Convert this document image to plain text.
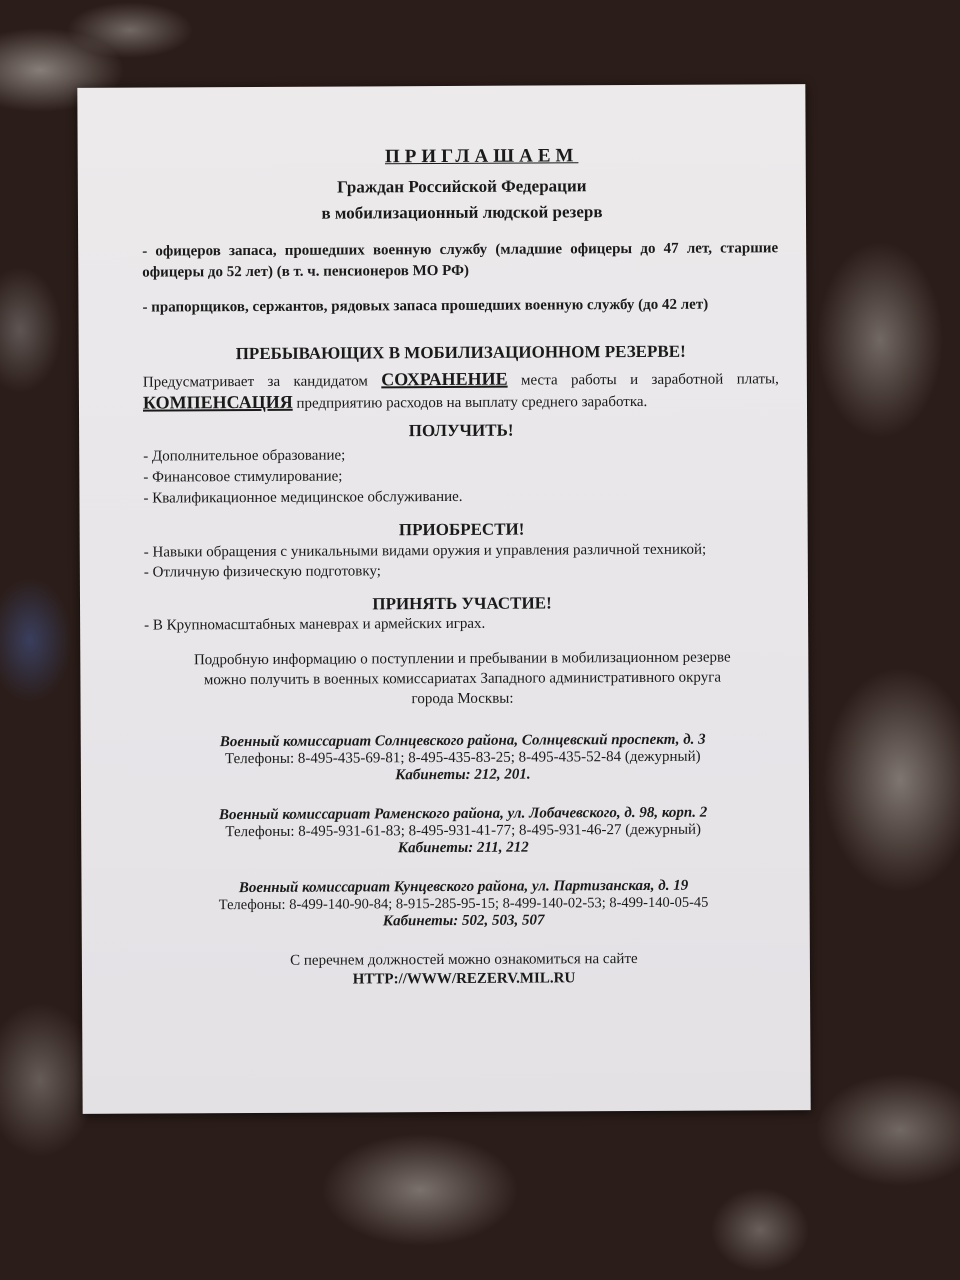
ПРИГЛАШАЕМ
Граждан Российской Федерации
в мобилизационный людской резерв
- офицеров запаса, прошедших военную службу (младшие офицеры до 47 лет, старшие офицеры до 52 лет) (в т. ч. пенсионеров МО РФ)
- прапорщиков, сержантов, рядовых запаса прошедших военную службу (до 42 лет)
ПРЕБЫВАЮЩИХ В МОБИЛИЗАЦИОННОМ РЕЗЕРВЕ!
Предусматривает за кандидатом СОХРАНЕНИЕ места работы и заработной платы, КОМПЕНСАЦИЯ предприятию расходов на выплату среднего заработка.
ПОЛУЧИТЬ!
- Дополнительное образование;
- Финансовое стимулирование;
- Квалификационное медицинское обслуживание.
ПРИОБРЕСТИ!
- Навыки обращения с уникальными видами оружия и управления различной техникой;
- Отличную физическую подготовку;
ПРИНЯТЬ УЧАСТИЕ!
- В Крупномасштабных маневрах и армейских играх.
Подробную информацию о поступлении и пребывании в мобилизационном резерве
можно получить в военных комиссариатах Западного административного округа
города Москвы:
Военный комиссариат Солнцевского района, Солнцевский проспект, д. 3
Телефоны: 8-495-435-69-81; 8-495-435-83-25; 8-495-435-52-84 (дежурный)
Кабинеты: 212, 201.
Военный комиссариат Раменского района, ул. Лобачевского, д. 98, корп. 2
Телефоны: 8-495-931-61-83; 8-495-931-41-77; 8-495-931-46-27 (дежурный)
Кабинеты: 211, 212
Военный комиссариат Кунцевского района, ул. Партизанская, д. 19
Телефоны: 8-499-140-90-84; 8-915-285-95-15; 8-499-140-02-53; 8-499-140-05-45
Кабинеты: 502, 503, 507
С перечнем должностей можно ознакомиться на сайте
HTTP://WWW/REZERV.MIL.RU
